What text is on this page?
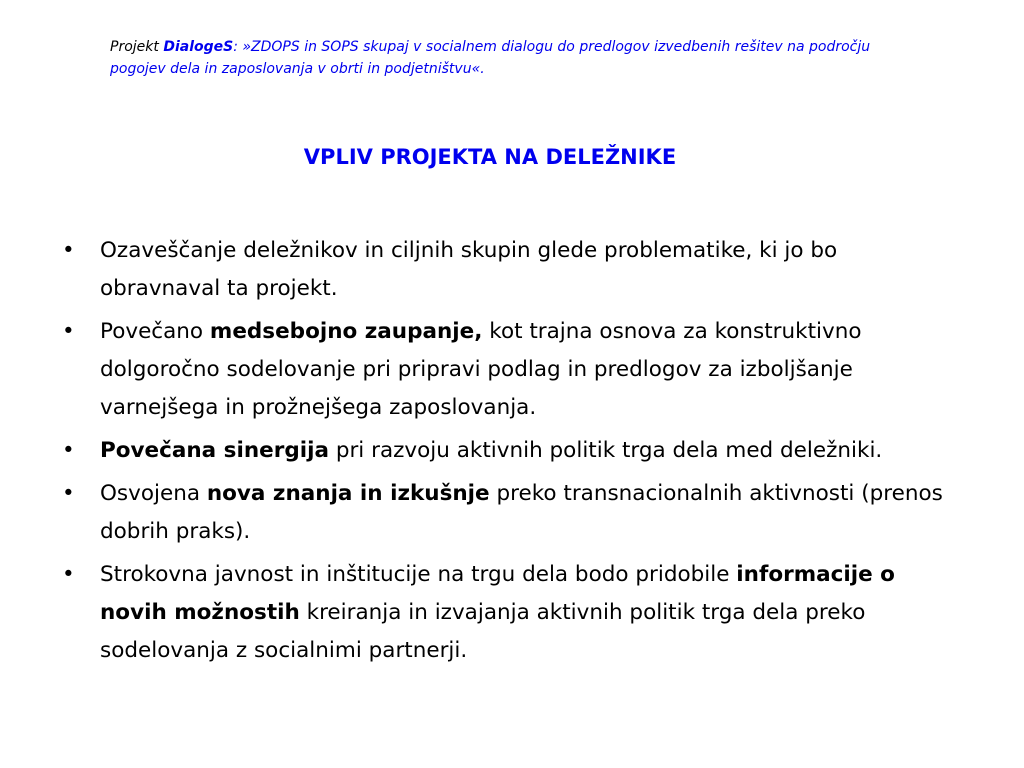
Projekt DialogeS: »ZDOPS in SOPS skupaj v socialnem dialogu do predlogov izvedbenih rešitev na področju pogojev dela in zaposlovanja v obrti in podjetništvu«.
VPLIV PROJEKTA NA DELEŽNIKE
• Ozaveščanje deležnikov in ciljnih skupin glede problematike, ki jo bo obravnaval ta projekt.
• Povečano medsebojno zaupanje, kot trajna osnova za konstruktivno dolgoročno sodelovanje pri pripravi podlag in predlogov za izboljšanje varnejšega in prožnejšega zaposlovanja.
• Povečana sinergija pri razvoju aktivnih politik trga dela med deležniki.
• Osvojena nova znanja in izkušnje preko transnacionalnih aktivnosti (prenos dobrih praks).
• Strokovna javnost in inštitucije na trgu dela bodo pridobile informacije o novih možnostih kreiranja in izvajanja aktivnih politik trga dela preko sodelovanja z socialnimi partnerji.
